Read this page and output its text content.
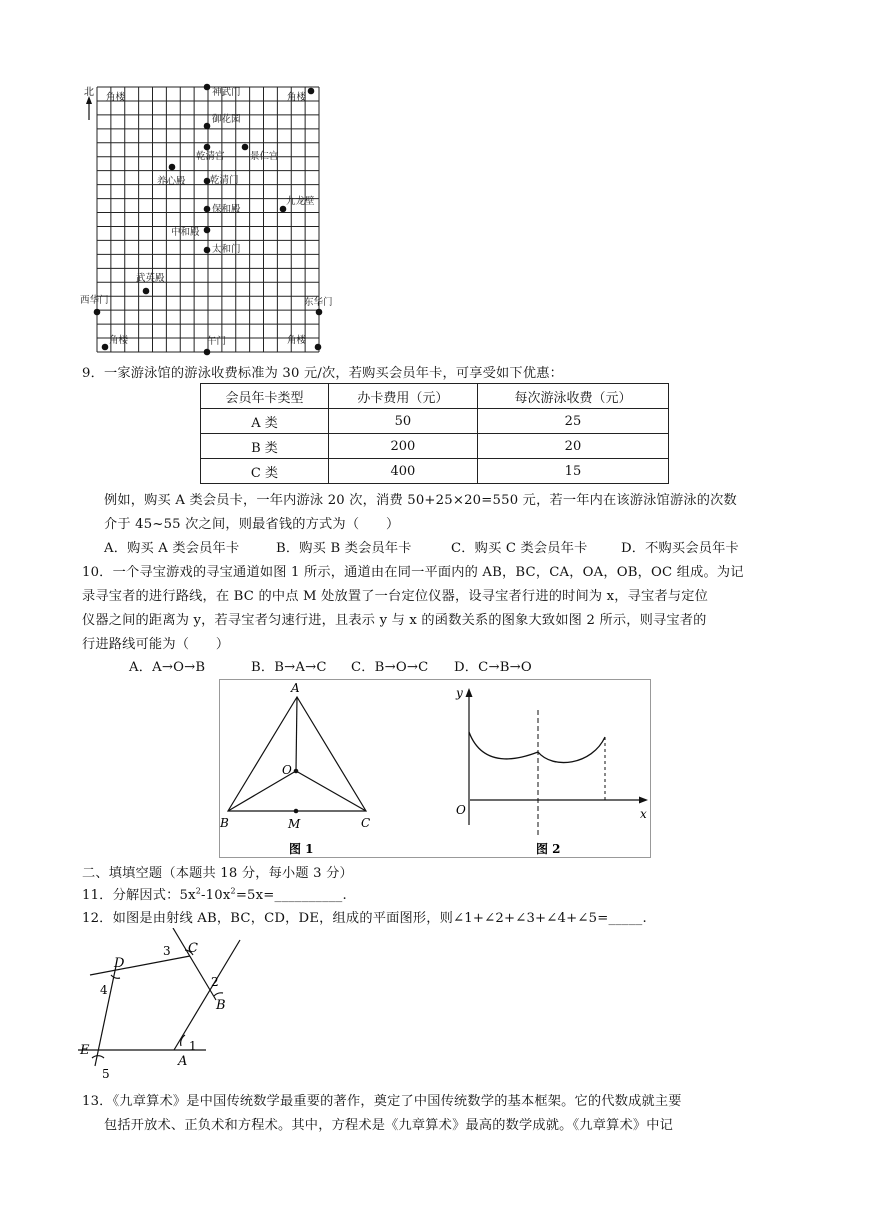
北 角楼	神武门	角楼
御花园
乾清宫	景仁宫
养心殿	乾清门
九龙壁
保和殿
中和殿
太和门
武英殿
西华门	东华门
角楼	午门	角楼
9．一家游泳馆的游泳收费标准为 30 元/次，若购买会员年卡，可享受如下优惠：
会员年卡类型	办卡费用（元）	每次游泳收费（元）
A 类	50	25
B 类	200	20
C 类	400	15
例如，购买 A 类会员卡，一年内游泳 20 次，消费 50+25×20=550 元，若一年内在该游泳馆游泳的次数
介于 45~55 次之间，则最省钱的方式为（　　）
A．购买 A 类会员年卡	B．购买 B 类会员年卡	C．购买 C 类会员年卡	D．不购买会员年卡
10．一个寻宝游戏的寻宝通道如图 1 所示，通道由在同一平面内的 AB，BC，CA，OA，OB，OC 组成。为记
录寻宝者的进行路线，在 BC 的中点 M 处放置了一台定位仪器，设寻宝者行进的时间为 x，寻宝者与定位
仪器之间的距离为 y，若寻宝者匀速行进，且表示 y 与 x 的函数关系的图象大致如图 2 所示，则寻宝者的
行进路线可能为（　　）
A．A→O→B	B．B→A→C C．B→O→C D．C→B→O
A
B	C
O
M
图 1
y
x
O
图 2
二、填填空题（本题共 18 分，每小题 3 分）
11．分解因式：$5x^2-10x^2=5x=\_\_\_\_\_\_\_\_\_\_$.
12．如图是由射线 AB，BC，CD，DE，组成的平面图形，则∠1+∠2+∠3+∠4+∠5=_____.
A
B
C
D
E	1
2
3
4
5
13．《九章算术》是中国传统数学最重要的著作，奠定了中国传统数学的基本框架。它的代数成就主要
包括开放术、正负术和方程术。其中，方程术是《九章算术》最高的数学成就。《九章算术》中记
